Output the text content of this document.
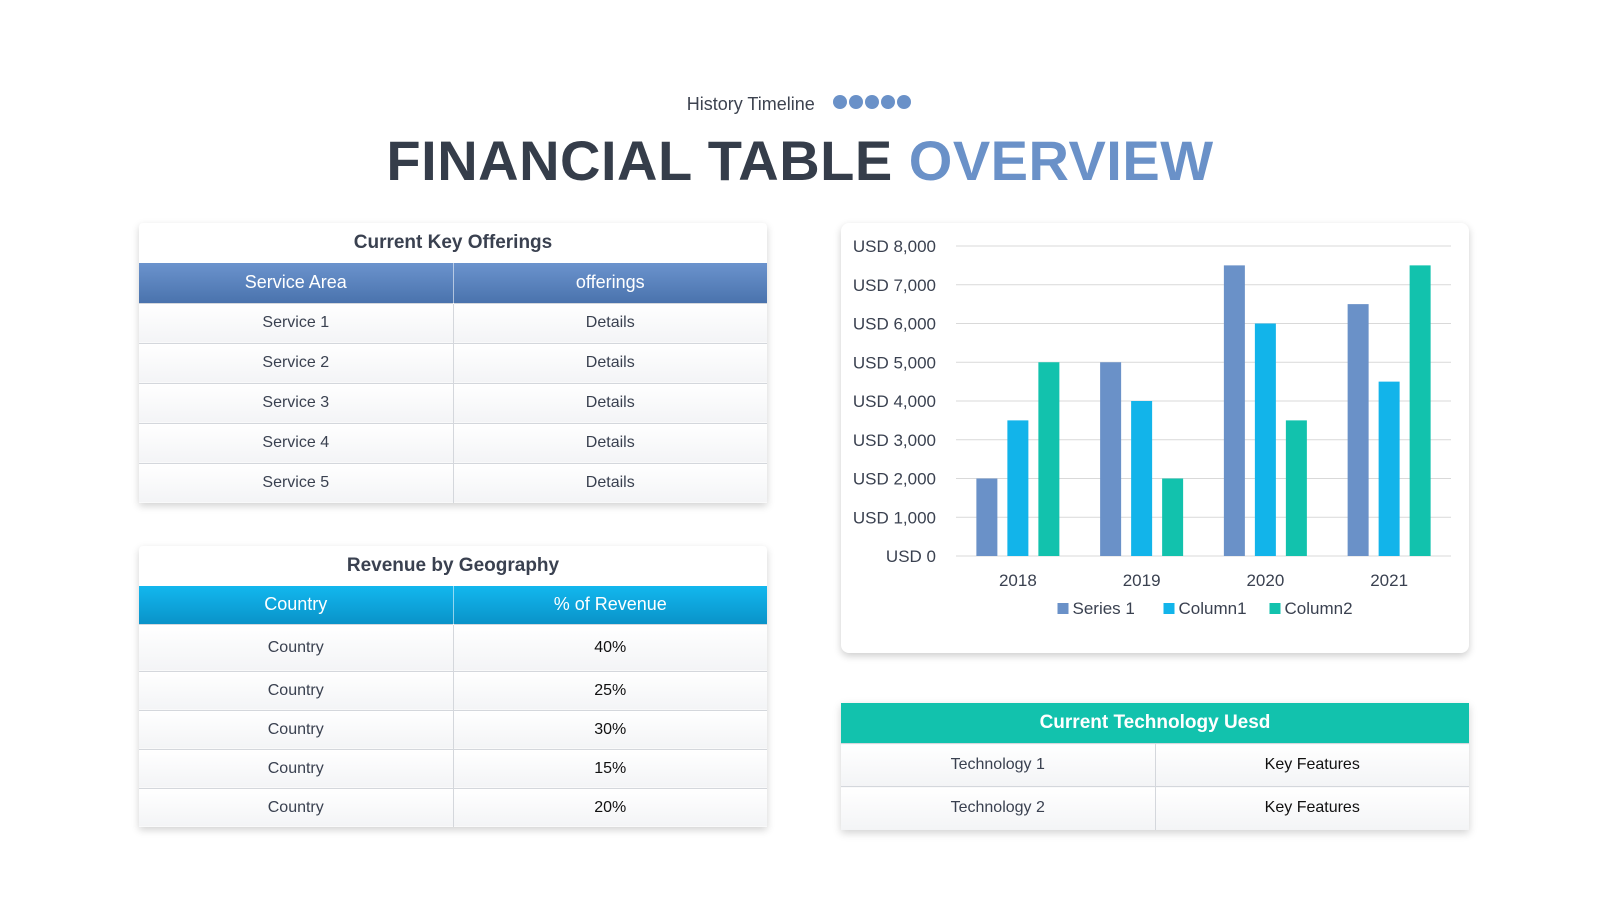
History Timeline
FINANCIAL TABLE OVERVIEW
Current Key Offerings
Service Area	offerings
Service 1	Details
Service 2	Details
Service 3	Details
Service 4	Details
Service 5	Details
Revenue by Geography
Country	% of Revenue
Country	40%
Country	25%
Country	30%
Country	15%
Country	20%
USD 0
USD 1,000
USD 2,000
USD 3,000
USD 4,000
USD 5,000
USD 6,000
USD 7,000
USD 8,000
2018	2019	2020	2021
Series 1	Column1 Column2
Current Technology Uesd
Technology 1	Key Features
Technology 2	Key Features
